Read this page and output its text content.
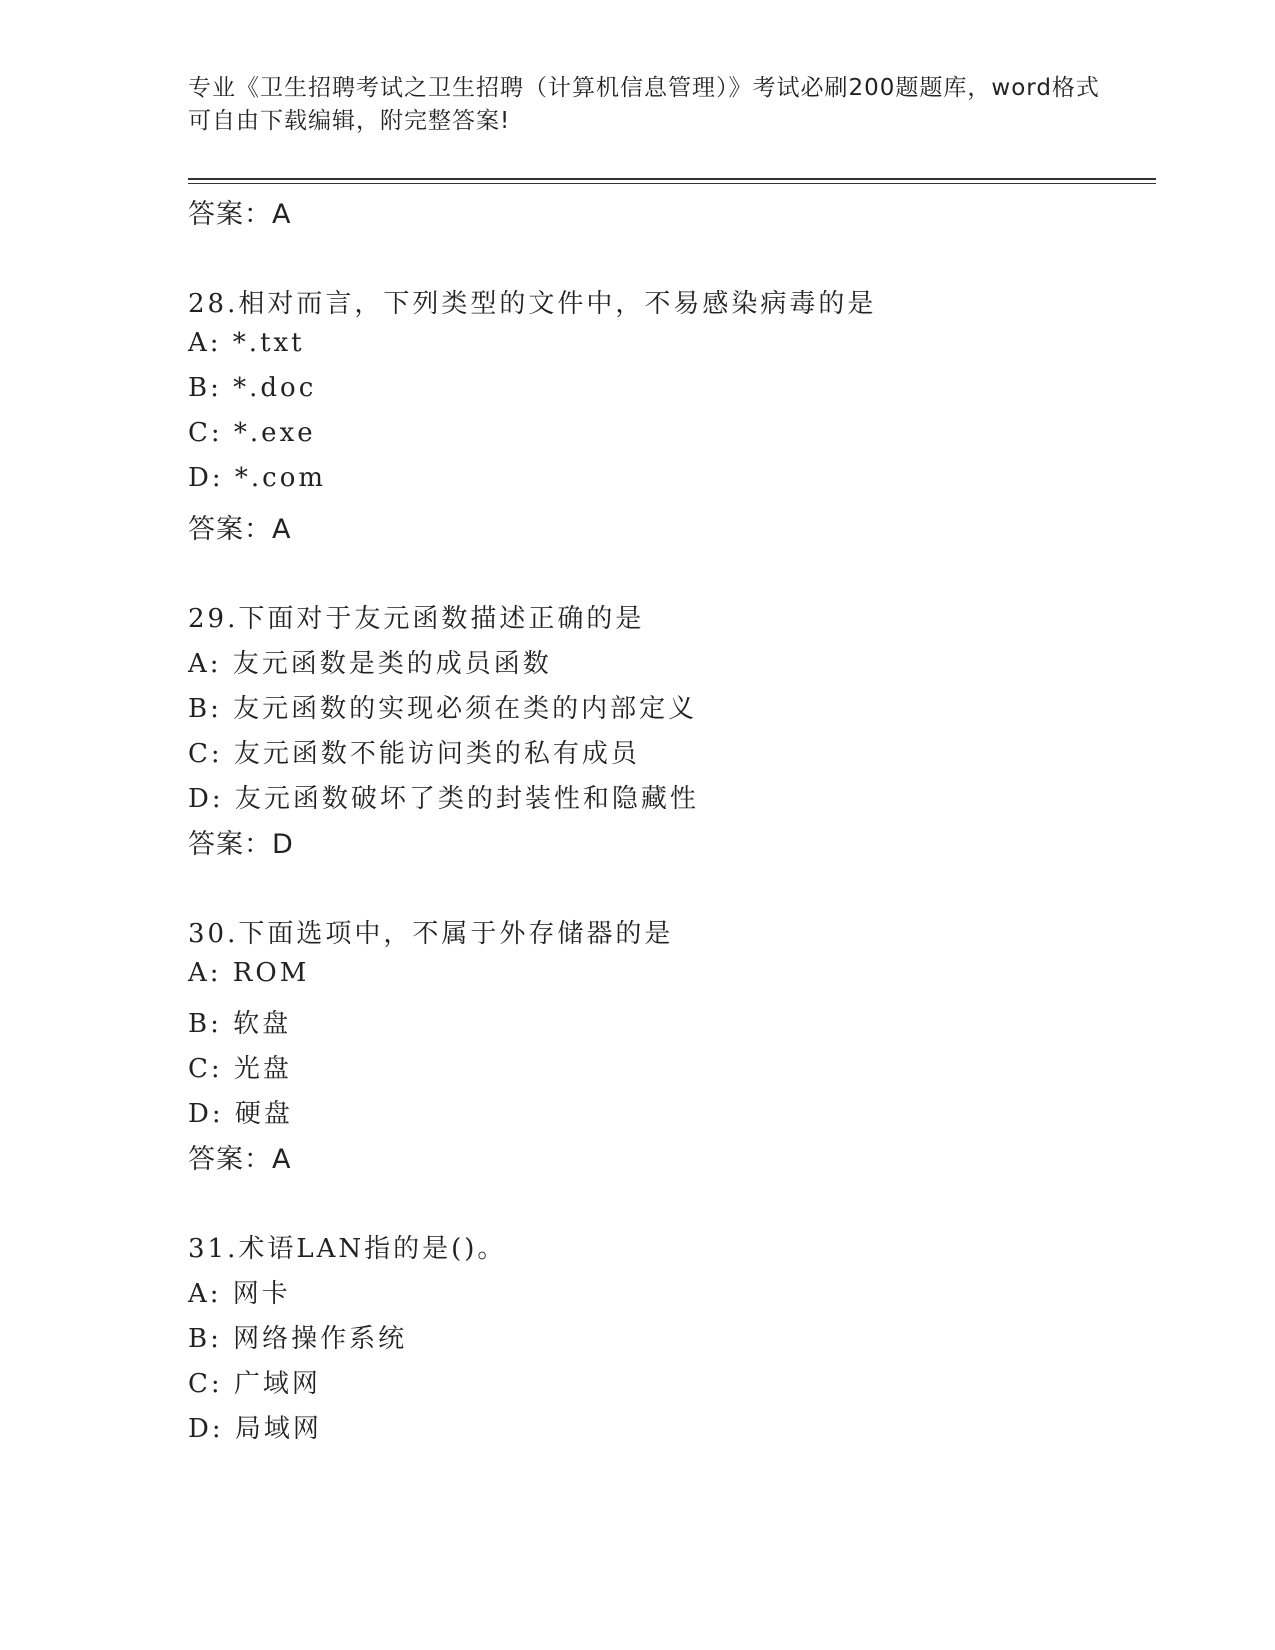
专业《卫生招聘考试之卫生招聘（计算机信息管理）》考试必刷200题题库，word格式可自由下载编辑，附完整答案!
答案：A
28.相对而言，下列类型的文件中，不易感染病毒的是
A: *.txt
B: *.doc
C: *.exe
D: *.com
答案：A
29.下面对于友元函数描述正确的是
A: 友元函数是类的成员函数
B: 友元函数的实现必须在类的内部定义
C: 友元函数不能访问类的私有成员
D: 友元函数破坏了类的封装性和隐藏性
答案：D
30.下面选项中，不属于外存储器的是
A: ROM
B: 软盘
C: 光盘
D: 硬盘
答案：A
31.术语LAN指的是()。
A: 网卡
B: 网络操作系统
C: 广域网
D: 局域网
